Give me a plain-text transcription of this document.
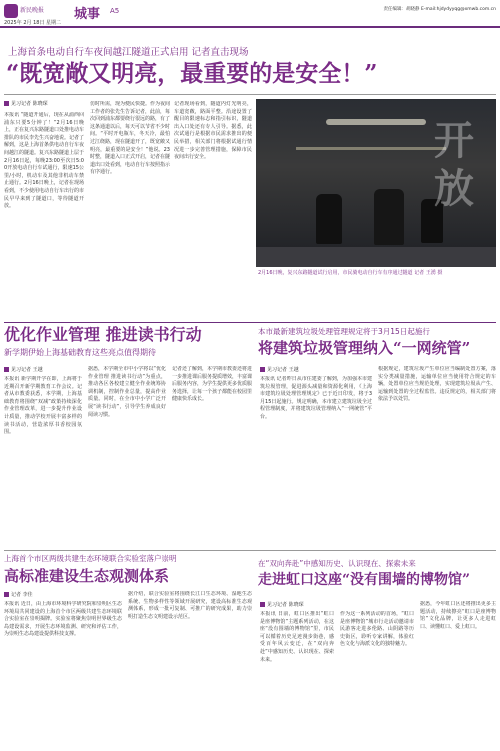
新民晚报
2025年 2月 18日 星期二
城事 A5	责任编辑：胡晓静 E-mail:hjdydyyqg@xmwb.com.cn
上海首条电动自行车夜间越江隧道正式启用 记者直击现场
“既宽敞又明亮，最重要的是安全！”
见习记者 陈晓琛
本报讯 “隧道开通后，现在从浦西回浦东只要5分钟了！”2月16日晚上，正在复兴东路隧道口处推电动车排队的市民李先生兴奋地说。记者了解到，这是上海首条供电动自行车夜间越江的隧道。复兴东路隧道上层于2月16日起，每晚23:00至次日5:00开放电动自行车试通行，限速15公里/小时，机动车及其他非机动车禁止通行。2月16日晚上，记者在现场看到，不少使用电动自行车出行的市民早早来到了隧道口，等待隧道开放。
仿时所需，现为便民快捷。作为夜间工作者的张先生告诉记者，此前，每次回到浦东都要绕行很远的路，有了这条通道以后，每天可以节省不少时间。“平时开电瓶车，冬天冷，最怕过江绕路，现在隧道开了，既宽敞又明亮，最重要的是安全！”他说。23时整，隧道入口正式开启，记者在隧道出口处看到，电动自行车按照指示有序通行。
记者现场看到，隧道内灯光明亮，车道宽敞，路面平整。沿途设置了醒目的限速标志和指引标识，隧道出入口处还有专人引导。据悉，此次试通行是根据市民需求推出的便民举措，相关部门将根据试通行情况进一步完善管理措施，保障市民夜间出行安全。	开放
2月16日晚，复兴东路隧道试行启用，市民骑电动自行车有序通过隧道 记者 王湧 摄
优化作业管理 推进读书行动
新学期伊始上海基础教育这些亮点值得期待
见习记者 王越
本报讯 新学期开学在即，上海将于近期召开新学期教育工作会议。记者从市教委获悉，本学期，上海基础教育将围绕“双减”政策持续深化作业管理改革，进一步提升作业设计质量，推动学校开展丰富多样的读书活动，营造浓厚书香校园氛围。
据悉，本学期全市中小学将以“优化作业管理 推进读书行动”为重点，推动各区各校建立健全作业统筹协调机制，控制作业总量，提高作业质量。同时，在全市中小学广泛开展“读书行动”，引导学生养成良好阅读习惯。
记者还了解到，本学期市教委还将进一步推进课后服务提质增效，丰富课后服务内容，为学生提供更多优质服务选择，让每一个孩子都能在校园里健康快乐成长。
本市最新建筑垃圾处理管理规定将于3月15日起施行
将建筑垃圾管理纳入“一网统管”
见习记者 王越
本报讯 记者昨日从市住建委了解到，为加强本市建筑垃圾管理，促进源头减量和资源化利用，《上海市建筑垃圾处理管理规定》已于近日印发，将于3月15日起施行。规定明确，本市建立建筑垃圾全过程管理制度，并将建筑垃圾管理纳入“一网统管”平台。
根据规定，建筑垃圾产生单位应当编制处置方案，落实分类减量措施，运输单位应当使用符合规定的车辆，处置单位应当规范处理，实现建筑垃圾从产生、运输到处置的全过程监管。违反规定的，相关部门将依法予以处罚。
上海首个市区两级共建生态环境联合实验室落户崇明
高标准建设生态观测体系
记者 李佳
本报讯 近日，由上海市环境科学研究院和崇明区生态环境局共同建设的上海首个市区两级共建生态环境联合实验室在崇明揭牌。实验室将聚焦崇明世界级生态岛建设需求，开展生态环境监测、研究和评估工作，为崇明生态岛建设提供科技支撑。
据介绍，联合实验室将围绕长江口生态环境、湿地生态系统、生物多样性等领域开展研究，建设高标准生态观测体系，形成一批可复制、可推广的研究成果，助力崇明打造生态文明建设示范区。
在“双向奔赴”中感知历史、认识现在、探索未来
走进虹口这座“没有围墙的博物馆”
见习记者 陈晓琛
本报讯 日前，虹口区推出“虹口是座博物馆”主题系列活动，在这座“没有围墙的博物馆”里，市民可以循着历史足迹漫步街巷，感受百年风云变迁，在“双向奔赴”中感知历史、认识现在、探索未来。
作为这一系列活动的首场，“虹口是座博物馆”城市行走活动邀请市民游客走进多伦路、山阴路等历史街区，聆听专家讲解，体验红色文化与海派文化的独特魅力。
据悉，今年虹口区还将推出更多主题活动，持续擦亮“虹口是座博物馆”文化品牌，让更多人走进虹口、读懂虹口、爱上虹口。
